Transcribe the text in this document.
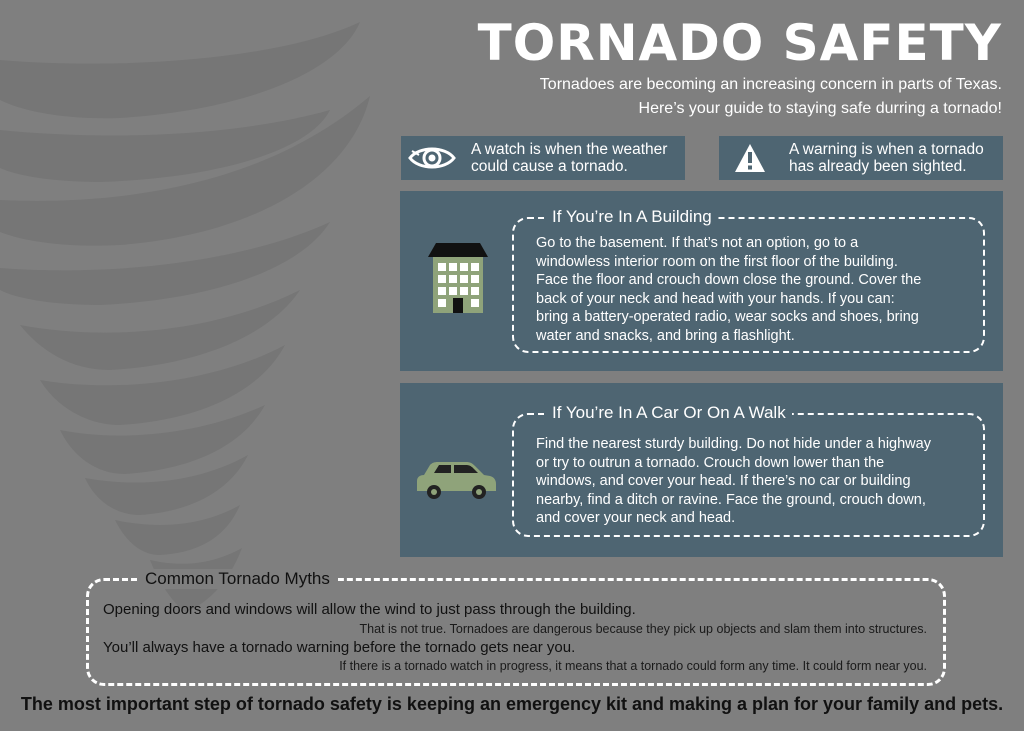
TORNADO SAFETY
Tornadoes are becoming an increasing concern in parts of Texas.
Here’s your guide to staying safe durring a tornado!
A watch is when the weather
could cause a tornado.
A warning is when a tornado
has already been sighted.
If You’re In A Building
Go to the basement. If that’s not an option, go to a
windowless interior room on the first floor of the building.
Face the floor and crouch down close the ground. Cover the
back of your neck and head with your hands. If you can:
bring a battery-operated radio, wear socks and shoes, bring
water and snacks, and bring a flashlight.
If You’re In A Car Or On A Walk
Find the nearest sturdy building. Do not hide under a highway
or try to outrun a tornado. Crouch down lower than the
windows, and cover your head. If there’s no car or building
nearby, find a ditch or ravine. Face the ground, crouch down,
and cover your neck and head.
Common Tornado Myths
Opening doors and windows will allow the wind to just pass through the building.
That is not true. Tornadoes are dangerous because they pick up objects and slam them into structures.
You’ll always have a tornado warning before the tornado gets near you.
If there is a tornado watch in progress, it means that a tornado could form any time. It could form near you.

The most important step of tornado safety is keeping an emergency kit and making a plan for your family and pets.
